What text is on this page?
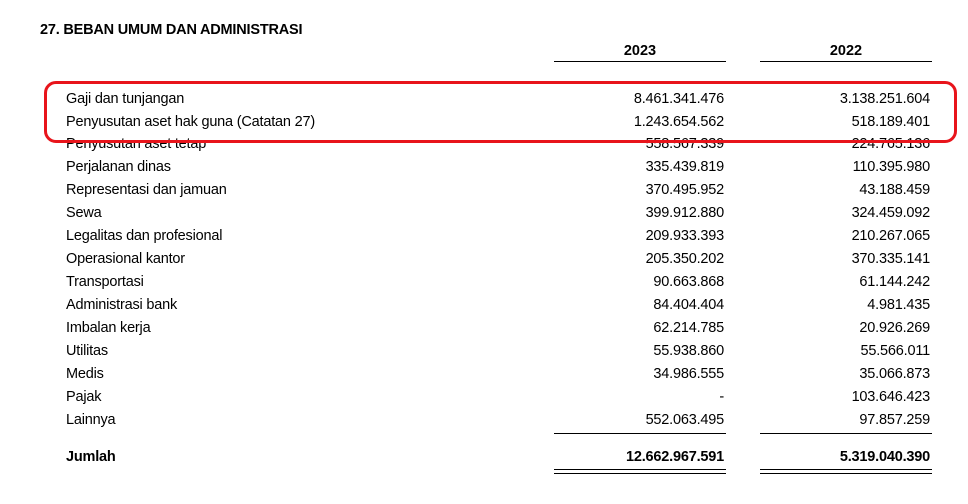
27. BEBAN UMUM DAN ADMINISTRASI
2023	2022
Gaji dan tunjangan	8.461.341.476	3.138.251.604
Penyusutan aset hak guna (Catatan 27)	1.243.654.562	518.189.401
Penyusutan aset tetap	558.567.339	224.765.136
Perjalanan dinas	335.439.819	110.395.980
Representasi dan jamuan	370.495.952	43.188.459
Sewa	399.912.880	324.459.092
Legalitas dan profesional	209.933.393	210.267.065
Operasional kantor	205.350.202	370.335.141
Transportasi	90.663.868	61.144.242
Administrasi bank	84.404.404	4.981.435
Imbalan kerja	62.214.785	20.926.269
Utilitas	55.938.860	55.566.011
Medis	34.986.555	35.066.873
Pajak	-	103.646.423
Lainnya	552.063.495	97.857.259
Jumlah	12.662.967.591	5.319.040.390
